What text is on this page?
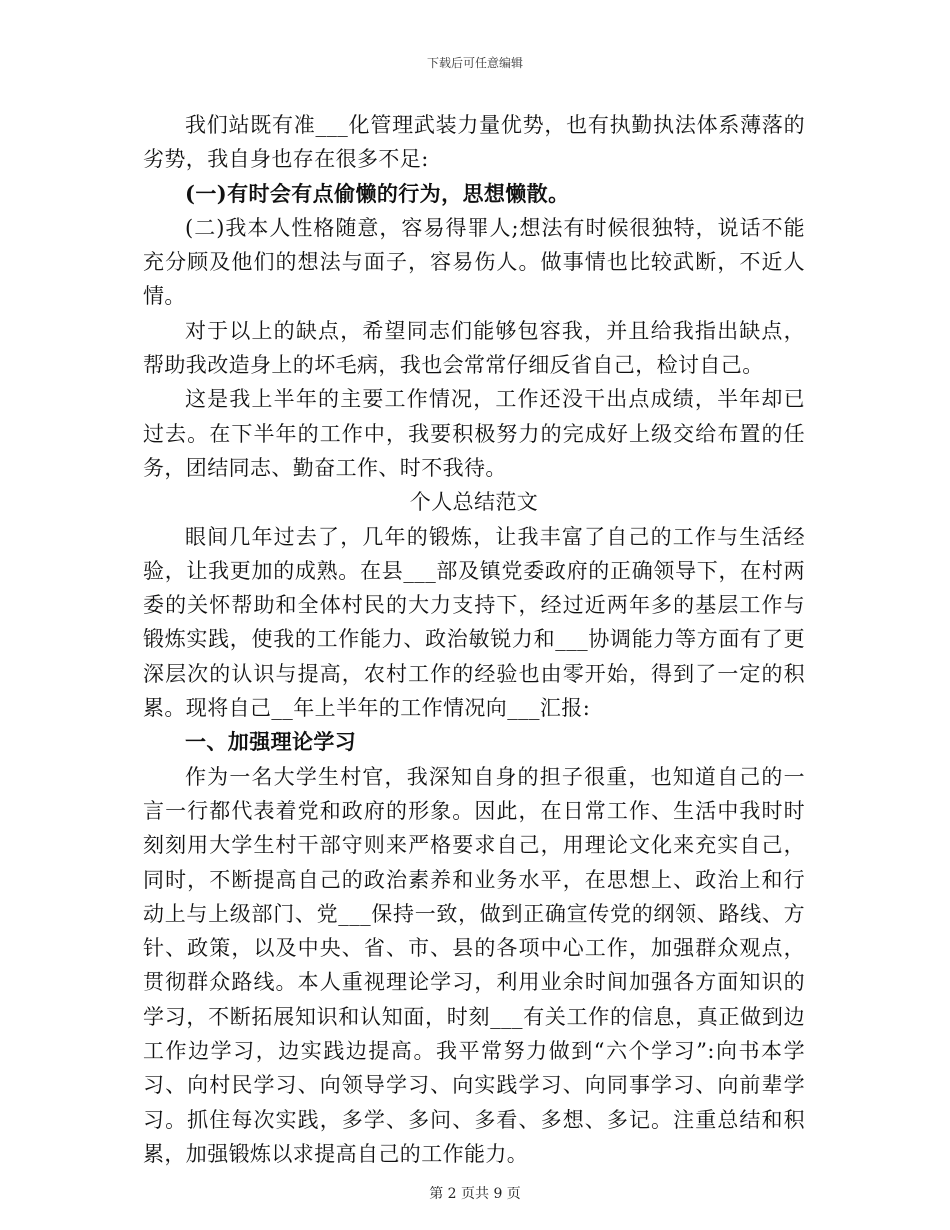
下载后可任意编辑

我们站既有准___化管理武装力量优势，也有执勤执法体系薄落的劣势，我自身也存在很多不足:

(一)有时会有点偷懒的行为，思想懒散。

(二)我本人性格随意，容易得罪人;想法有时候很独特，说话不能充分顾及他们的想法与面子，容易伤人。做事情也比较武断，不近人情。

对于以上的缺点，希望同志们能够包容我，并且给我指出缺点，帮助我改造身上的坏毛病，我也会常常仔细反省自己，检讨自己。

这是我上半年的主要工作情况，工作还没干出点成绩，半年却已过去。在下半年的工作中，我要积极努力的完成好上级交给布置的任务，团结同志、勤奋工作、时不我待。

个人总结范文

眼间几年过去了，几年的锻炼，让我丰富了自己的工作与生活经验，让我更加的成熟。在县___部及镇党委政府的正确领导下，在村两委的关怀帮助和全体村民的大力支持下，经过近两年多的基层工作与锻炼实践，使我的工作能力、政治敏锐力和___协调能力等方面有了更深层次的认识与提高，农村工作的经验也由零开始，得到了一定的积累。现将自己__年上半年的工作情况向___汇报:

一、加强理论学习

作为一名大学生村官，我深知自身的担子很重，也知道自己的一言一行都代表着党和政府的形象。因此，在日常工作、生活中我时时刻刻用大学生村干部守则来严格要求自己，用理论文化来充实自己，同时，不断提高自己的政治素养和业务水平，在思想上、政治上和行动上与上级部门、党___保持一致，做到正确宣传党的纲领、路线、方针、政策，以及中央、省、市、县的各项中心工作，加强群众观点，贯彻群众路线。本人重视理论学习，利用业余时间加强各方面知识的学习，不断拓展知识和认知面，时刻___有关工作的信息，真正做到边工作边学习，边实践边提高。我平常努力做到“六个学习”:向书本学习、向村民学习、向领导学习、向实践学习、向同事学习、向前辈学习。抓住每次实践，多学、多问、多看、多想、多记。注重总结和积累，加强锻炼以求提高自己的工作能力。

第 2 页共 9 页
